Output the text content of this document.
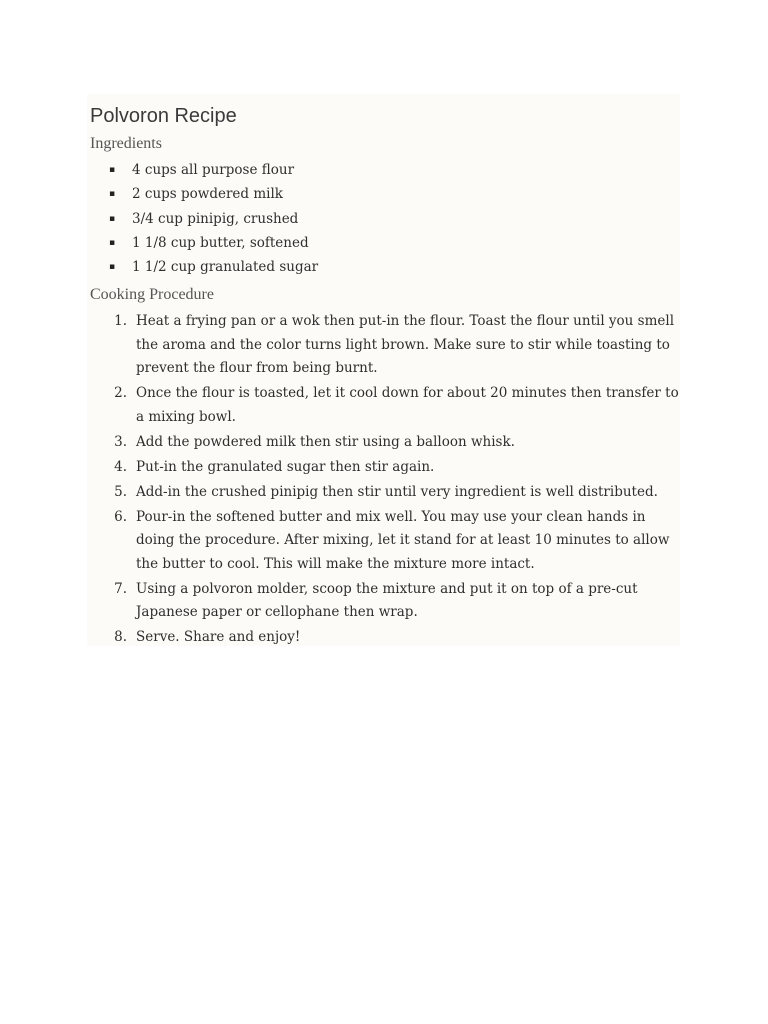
Polvoron Recipe
Ingredients
▪ 4 cups all purpose flour
▪ 2 cups powdered milk
▪ 3/4 cup pinipig, crushed
▪ 1 1/8 cup butter, softened
▪ 1 1/2 cup granulated sugar
Cooking Procedure
1. Heat a frying pan or a wok then put-in the flour. Toast the flour until you smell the aroma and the color turns light brown. Make sure to stir while toasting to prevent the flour from being burnt.
2. Once the flour is toasted, let it cool down for about 20 minutes then transfer to a mixing bowl.
3. Add the powdered milk then stir using a balloon whisk.
4. Put-in the granulated sugar then stir again.
5. Add-in the crushed pinipig then stir until very ingredient is well distributed.
6. Pour-in the softened butter and mix well. You may use your clean hands in doing the procedure. After mixing, let it stand for at least 10 minutes to allow the butter to cool. This will make the mixture more intact.
7. Using a polvoron molder, scoop the mixture and put it on top of a pre-cut Japanese paper or cellophane then wrap.
8. Serve. Share and enjoy!
